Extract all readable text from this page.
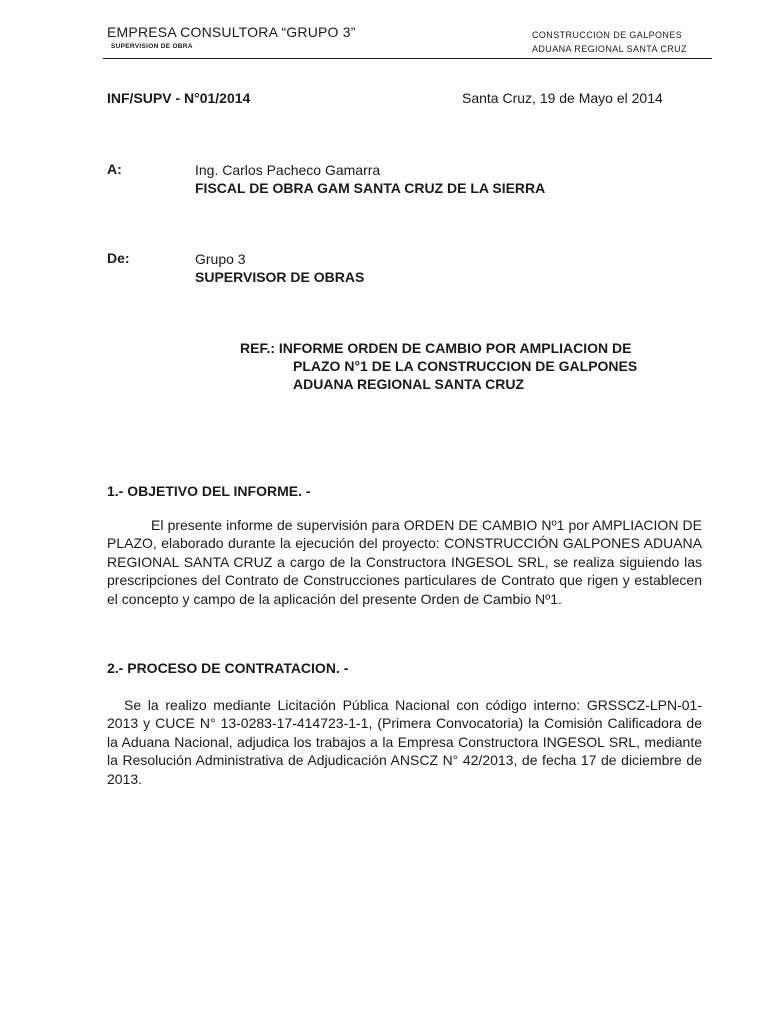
EMPRESA CONSULTORA “GRUPO 3”
SUPERVISION DE OBRA
CONSTRUCCION DE GALPONES
ADUANA REGIONAL SANTA CRUZ
INF/SUPV - N°01/2014	Santa Cruz, 19 de Mayo el 2014
A:	Ing. Carlos Pacheco Gamarra
FISCAL DE OBRA GAM SANTA CRUZ DE LA SIERRA
De:	Grupo 3
SUPERVISOR DE OBRAS
REF.: INFORME ORDEN DE CAMBIO POR AMPLIACION DE
PLAZO N°1 DE LA CONSTRUCCION DE GALPONES
ADUANA REGIONAL SANTA CRUZ
1.- OBJETIVO DEL INFORME. -

El presente informe de supervisión para ORDEN DE CAMBIO Nº1 por AMPLIACION DE PLAZO, elaborado durante la ejecución del proyecto: CONSTRUCCIÓN GALPONES ADUANA REGIONAL SANTA CRUZ a cargo de la Constructora INGESOL SRL, se realiza siguiendo las prescripciones del Contrato de Construcciones particulares de Contrato que rigen y establecen el concepto y campo de la aplicación del presente Orden de Cambio Nº1.

2.- PROCESO DE CONTRATACION. -

Se la realizo mediante Licitación Pública Nacional con código interno: GRSSCZ-LPN-01-2013 y CUCE N° 13-0283-17-414723-1-1, (Primera Convocatoria) la Comisión Calificadora de la Aduana Nacional, adjudica los trabajos a la Empresa Constructora INGESOL SRL, mediante la Resolución Administrativa de Adjudicación ANSCZ N° 42/2013, de fecha 17 de diciembre de 2013.
